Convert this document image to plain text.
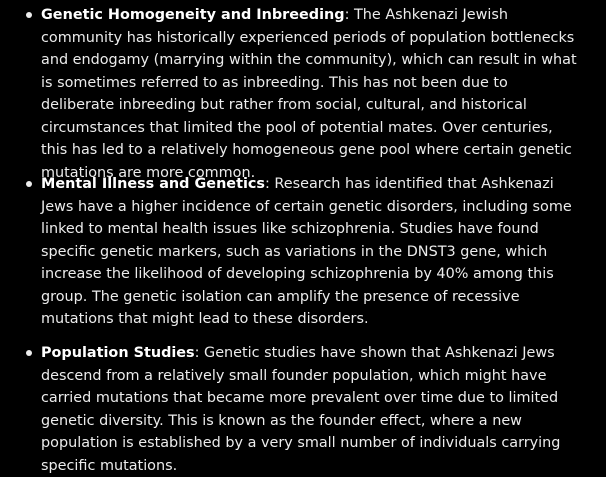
Genetic Homogeneity and Inbreeding: The Ashkenazi Jewish community has historically experienced periods of population bottlenecks and endogamy (marrying within the community), which can result in what is sometimes referred to as inbreeding. This has not been due to deliberate inbreeding but rather from social, cultural, and historical circumstances that limited the pool of potential mates. Over centuries, this has led to a relatively homogeneous gene pool where certain genetic mutations are more common.
Mental Illness and Genetics: Research has identified that Ashkenazi Jews have a higher incidence of certain genetic disorders, including some linked to mental health issues like schizophrenia. Studies have found specific genetic markers, such as variations in the DNST3 gene, which increase the likelihood of developing schizophrenia by 40% among this group. The genetic isolation can amplify the presence of recessive mutations that might lead to these disorders.
Population Studies: Genetic studies have shown that Ashkenazi Jews descend from a relatively small founder population, which might have carried mutations that became more prevalent over time due to limited genetic diversity. This is known as the founder effect, where a new population is established by a very small number of individuals carrying specific mutations.
